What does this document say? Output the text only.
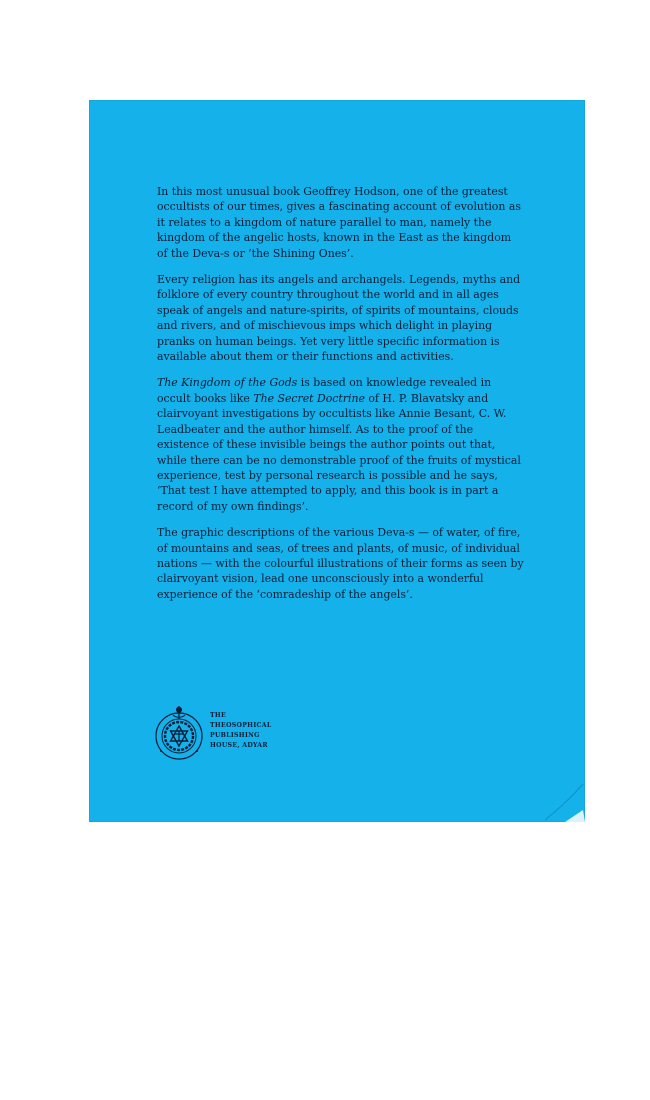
In this most unusual book Geoffrey Hodson, one of the greatest occultists of our times, gives a fascinating account of evolution as it relates to a kingdom of nature parallel to man, namely the kingdom of the angelic hosts, known in the East as the kingdom of the Deva-s or ‘the Shining Ones’.

Every religion has its angels and archangels. Legends, myths and folklore of every country throughout the world and in all ages speak of angels and nature-spirits, of spirits of mountains, clouds and rivers, and of mischievous imps which delight in playing pranks on human beings. Yet very little specific information is available about them or their functions and activities.

The Kingdom of the Gods is based on knowledge revealed in occult books like The Secret Doctrine of H. P. Blavatsky and clairvoyant investigations by occultists like Annie Besant, C. W. Leadbeater and the author himself. As to the proof of the existence of these invisible beings the author points out that, while there can be no demonstrable proof of the fruits of mystical experience, test by personal research is possible and he says, ‘That test I have attempted to apply, and this book is in part a record of my own findings’.

The graphic descriptions of the various Deva-s — of water, of fire, of mountains and seas, of trees and plants, of music, of individual nations — with the colourful illustrations of their forms as seen by clairvoyant vision, lead one unconsciously into a wonderful experience of the ‘comradeship of the angels’.

THE
THEOSOPHICAL
PUBLISHING
HOUSE, ADYAR
